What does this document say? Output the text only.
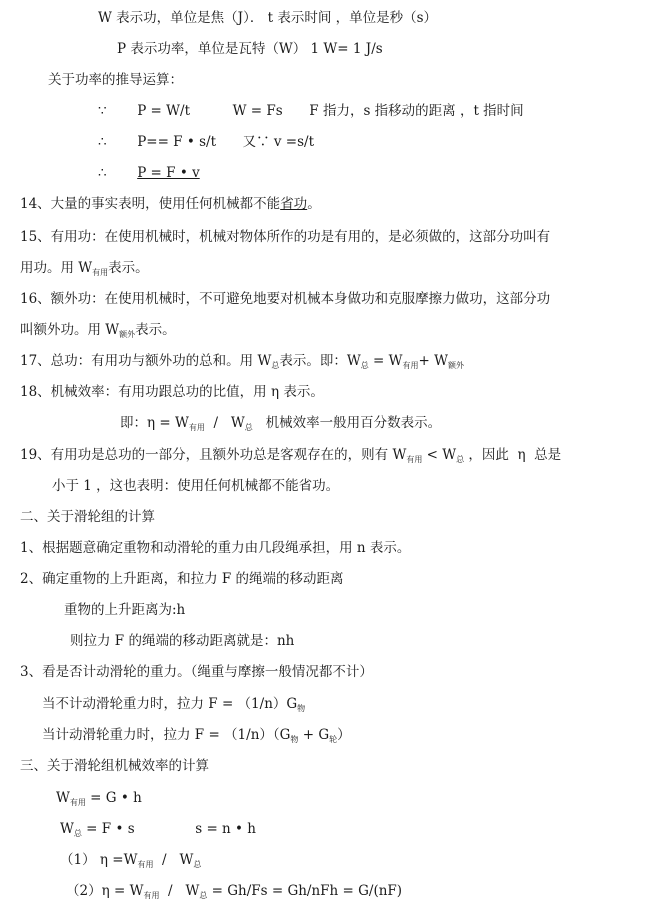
W 表示功，单位是焦（J）． t 表示时间 ，单位是秒（s）
P 表示功率，单位是瓦特（W） 1 W= 1 J/s
关于功率的推导运算：
∵ P = W/t	W = Fs F 指力，s 指移动的距离 ，t 指时间
∴ P== F • s/t 又∵ v =s/t
∴ P = F • v
14、大量的事实表明，使用任何机械都不能省功。
15、有用功：在使用机械时，机械对物体所作的功是有用的，是必须做的，这部分功叫有
用功。用 $W_{有用}$表示。
16、额外功：在使用机械时，不可避免地要对机械本身做功和克服摩擦力做功，这部分功
叫额外功。用 $W_{额外}$表示。
17、总功：有用功与额外功的总和。用 $W_总$表示。即：$W_总 = W_{有用}+ W_{额外}$
18、机械效率：有用功跟总功的比值，用 η 表示。
即：$\eta = W_{有用} / W_总$   机械效率一般用百分数表示。
19、有用功是总功的一部分，且额外功总是客观存在的，则有 $W_{有用} < W_总$ ，因此  η  总是
小于 1 ，这也表明：使用任何机械都不能省功。
二、关于滑轮组的计算
1、根据题意确定重物和动滑轮的重力由几段绳承担，用 n 表示。
2、确定重物的上升距离，和拉力 F 的绳端的移动距离
重物的上升距离为:h
则拉力 F 的绳端的移动距离就是：nh
3、看是否计动滑轮的重力。（绳重与摩擦一般情况都不计）
当不计动滑轮重力时，拉力 $F = (1/n)G_物$
当计动滑轮重力时，拉力 $F = (1/n)(G_物 + G_轮)$
三、关于滑轮组机械效率的计算
$W_{有用} = G$ • h
$W_总 = F$ • s	s = n • h
（1） $\eta =W_{有用} / W_总$
$(2)\eta = W_{有用} / W_总 = Gh/Fs = Gh/nFh = G/(nF)$
